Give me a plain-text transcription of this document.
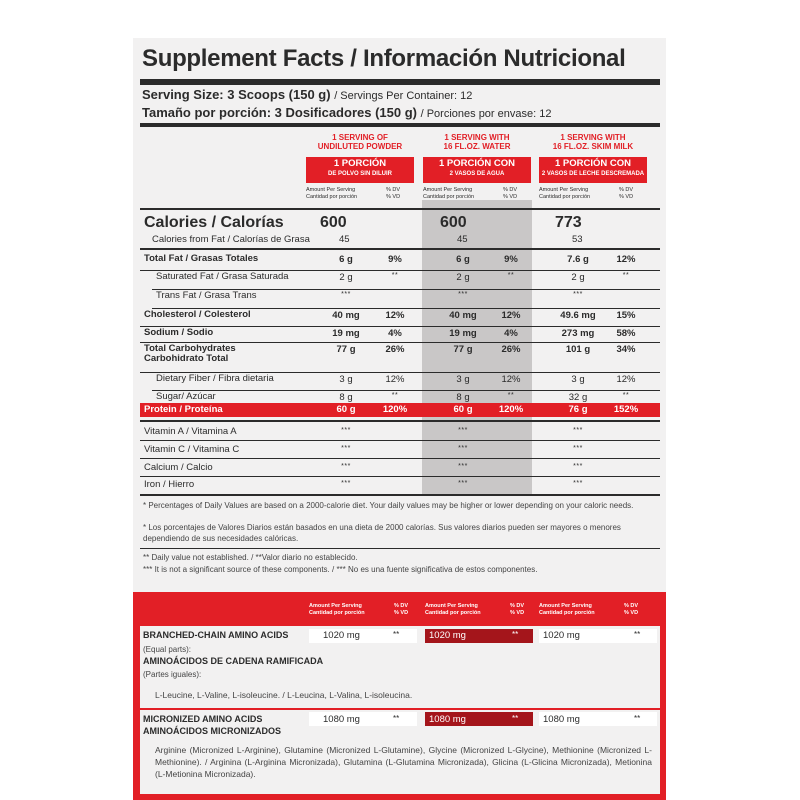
Supplement Facts / Información Nutricional
Serving Size: 3 Scoops (150 g) / Servings Per Container: 12
Tamaño por porción: 3 Dosificadores (150 g) / Porciones por envase: 12
1 SERVING OF
UNDILUTED POWDER
1 SERVING WITH
16 FL.OZ. WATER
1 SERVING WITH
16 FL.OZ. SKIM MILK
1 PORCIÓN
DE POLVO SIN DILUIR
1 PORCIÓN CON
2 VASOS DE AGUA
1 PORCIÓN CON
2 VASOS DE LECHE DESCREMADA
Amount Per Serving
Cantidad por porción
% DV
% VD
Amount Per Serving
Cantidad por porción
% DV
% VD
Amount Per Serving
Cantidad por porción
% DV
% VD
Calories / Calorías 600	600	773
Calories from Fat / Calorías de Grasa	45	45	53
Total Fat / Grasas Totales	6 g	9%	6 g	9%	7.6 g	12%
Saturated Fat / Grasa Saturada	2 g	**	2 g	**	2 g	**
Trans Fat / Grasa Trans	***	***	***
Cholesterol / Colesterol	40 mg	12%	40 mg	12%	49.6 mg	15%
Sodium / Sodio	19 mg	4%	19 mg	4%	273 mg	58%
Total Carbohydrates
Carbohidrato Total
77 g	26%	77 g	26%	101 g	34%
Dietary Fiber / Fibra dietaria	3 g	12%	3 g	12%	3 g	12%
Sugar/ Azúcar	8 g	**	8 g	**	32 g	**
Protein / Proteína	60 g	120%	60 g	120%	76 g	152%
Vitamin A / Vitamina A	***	***	***
Vitamin C / Vitamina C	***	***	***
Calcium / Calcio	***	***	***
Iron / Hierro	***	***	***
* Percentages of Daily Values are based on a 2000-calorie diet. Your daily values may be higher or lower depending on your caloric needs.
* Los porcentajes de Valores Diarios están basados en una dieta de 2000 calorías. Sus valores diarios pueden ser mayores o menores dependiendo de sus necesidades calóricas.
** Daily value not established. / **Valor diario no establecido.
*** It is not a significant source of these components. / *** No es una fuente significativa de estos componentes.
Amount Per Serving
Cantidad por porción
% DV
% VD
Amount Per Serving
Cantidad por porción
% DV
% VD
Amount Per Serving
Cantidad por porción
% DV
% VD
BRANCHED-CHAIN AMINO ACIDS	1020 mg	**	1020 mg	**	1020 mg	**
(Equal parts):
AMINOÁCIDOS DE CADENA RAMIFICADA
(Partes iguales):
L-Leucine, L-Valine, L-isoleucine. / L-Leucina, L-Valina, L-isoleucina.
MICRONIZED AMINO ACIDS
AMINOÁCIDOS MICRONIZADOS
1080 mg	**	1080 mg	**	1080 mg	**
Arginine (Micronized L-Arginine), Glutamine (Micronized L-Glutamine), Glycine (Micronized L-Glycine), Methionine (Micronized L-Methionine). / Arginina (L-Arginina Micronizada), Glutamina (L-Glutamina Micronizada), Glicina (L-Glicina Micronizada), Metionina (L-Metionina Micronizada).
